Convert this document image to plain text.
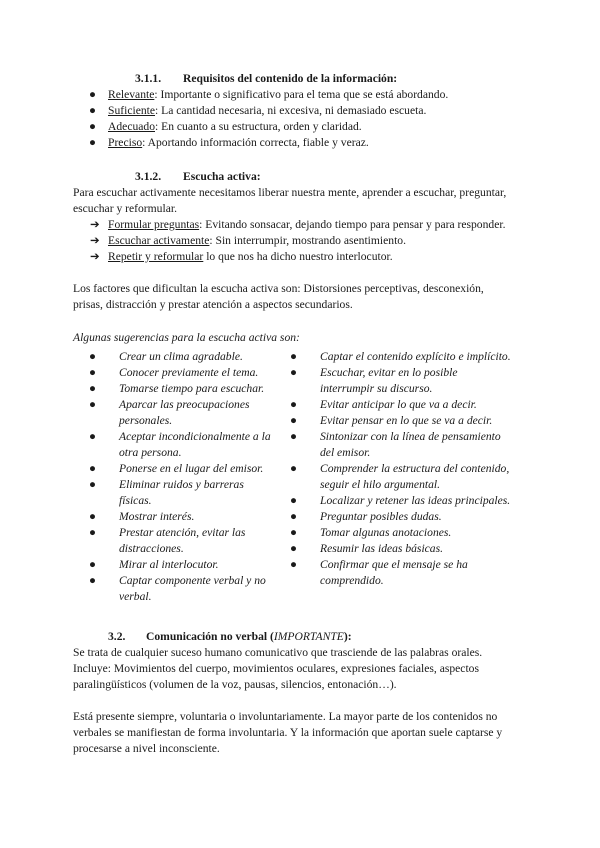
3.1.1. Requisitos del contenido de la información:
● Relevante: Importante o significativo para el tema que se está abordando.
● Suficiente: La cantidad necesaria, ni excesiva, ni demasiado escueta.
● Adecuado: En cuanto a su estructura, orden y claridad.
● Preciso: Aportando información correcta, fiable y veraz.
3.1.2. Escucha activa:
Para escuchar activamente necesitamos liberar nuestra mente, aprender a escuchar, preguntar,
escuchar y reformular.
➔ Formular preguntas: Evitando sonsacar, dejando tiempo para pensar y para responder.
➔ Escuchar activamente: Sin interrumpir, mostrando asentimiento.
➔ Repetir y reformular lo que nos ha dicho nuestro interlocutor.
Los factores que dificultan la escucha activa son: Distorsiones perceptivas, desconexión,
prisas, distracción y prestar atención a aspectos secundarios.
Algunas sugerencias para la escucha activa son:
● Crear un clima agradable.
● Conocer previamente el tema.
● Tomarse tiempo para escuchar.
● Aparcar las preocupaciones
personales.
● Aceptar incondicionalmente a la
otra persona.
● Ponerse en el lugar del emisor.
● Eliminar ruidos y barreras
físicas.
● Mostrar interés.
● Prestar atención, evitar las
distracciones.
● Mirar al interlocutor.
● Captar componente verbal y no
verbal.
● Captar el contenido explícito e implícito.
● Escuchar, evitar en lo posible
interrumpir su discurso.
● Evitar anticipar lo que va a decir.
● Evitar pensar en lo que se va a decir.
● Sintonizar con la línea de pensamiento
del emisor.
● Comprender la estructura del contenido,
seguir el hilo argumental.
● Localizar y retener las ideas principales.
● Preguntar posibles dudas.
● Tomar algunas anotaciones.
● Resumir las ideas básicas.
● Confirmar que el mensaje se ha
comprendido.
3.2. Comunicación no verbal (IMPORTANTE):
Se trata de cualquier suceso humano comunicativo que trasciende de las palabras orales.
Incluye: Movimientos del cuerpo, movimientos oculares, expresiones faciales, aspectos
paralingüísticos (volumen de la voz, pausas, silencios, entonación…).
Está presente siempre, voluntaria o involuntariamente. La mayor parte de los contenidos no
verbales se manifiestan de forma involuntaria. Y la información que aportan suele captarse y
procesarse a nivel inconsciente.
